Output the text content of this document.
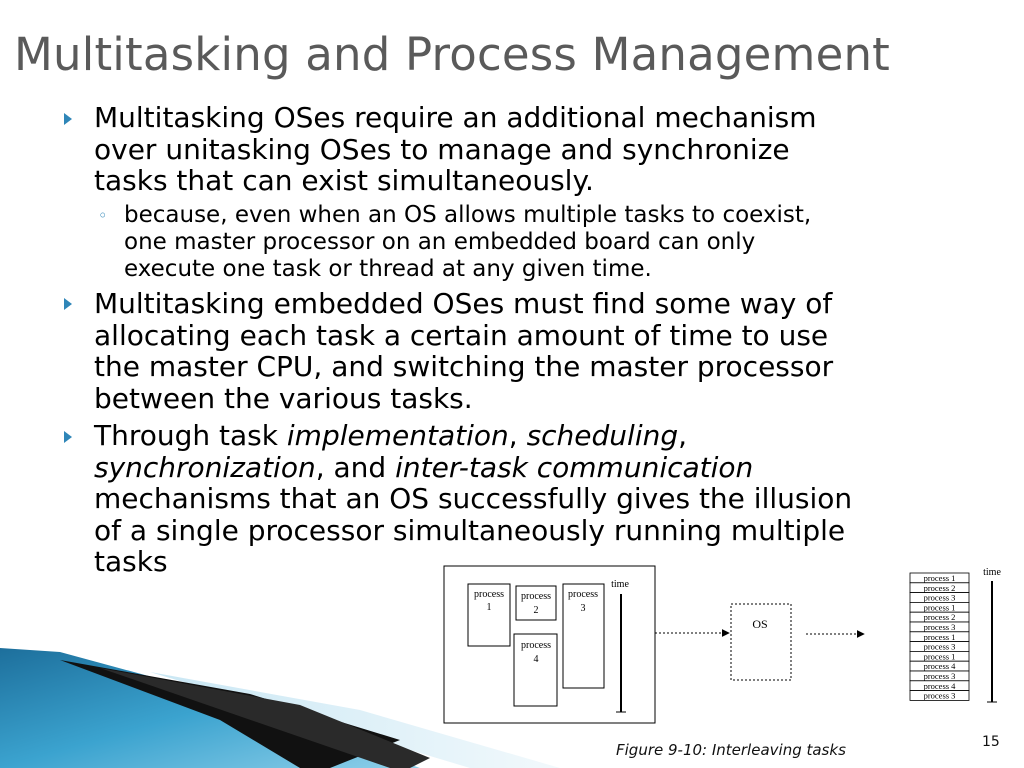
Multitasking and Process Management
Multitasking OSes require an additional mechanism
over unitasking OSes to manage and synchronize
tasks that can exist simultaneously.
◦ because, even when an OS allows multiple tasks to coexist,
one master processor on an embedded board can only
execute one task or thread at any given time.
Multitasking embedded OSes must find some way of
allocating each task a certain amount of time to use
the master CPU, and switching the master processor
between the various tasks.
Through task implementation, scheduling,
synchronization, and inter-task communication
mechanisms that an OS successfully gives the illusion
of a single processor simultaneously running multiple
tasks
process
1
process
2
process
3
process
4
time
OS
process 1
process 2
process 3
process 1
process 2
process 3
process 1
process 3
process 1
process 4
process 3
process 4
process 3
time
Figure 9-10: Interleaving tasks	15
